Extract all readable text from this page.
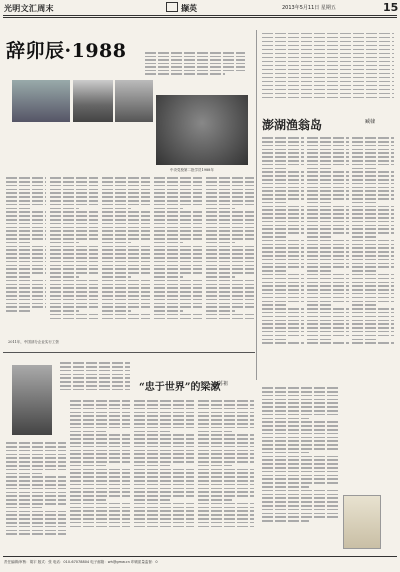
光明文汇周末	撷英	2013年5月11日 星期五	15
辞卯辰·1988
中央党校第二批学员1988年
澎湖渔翁岛	臧棣
2011年，中国部分企业实行工资
“忠于世界”的梁漱
苏祖
责任编辑/审核：胡宇 版式：张 电话：010-67078804 电子邮箱：wh@gmw.cn 印刷质量监督：0
